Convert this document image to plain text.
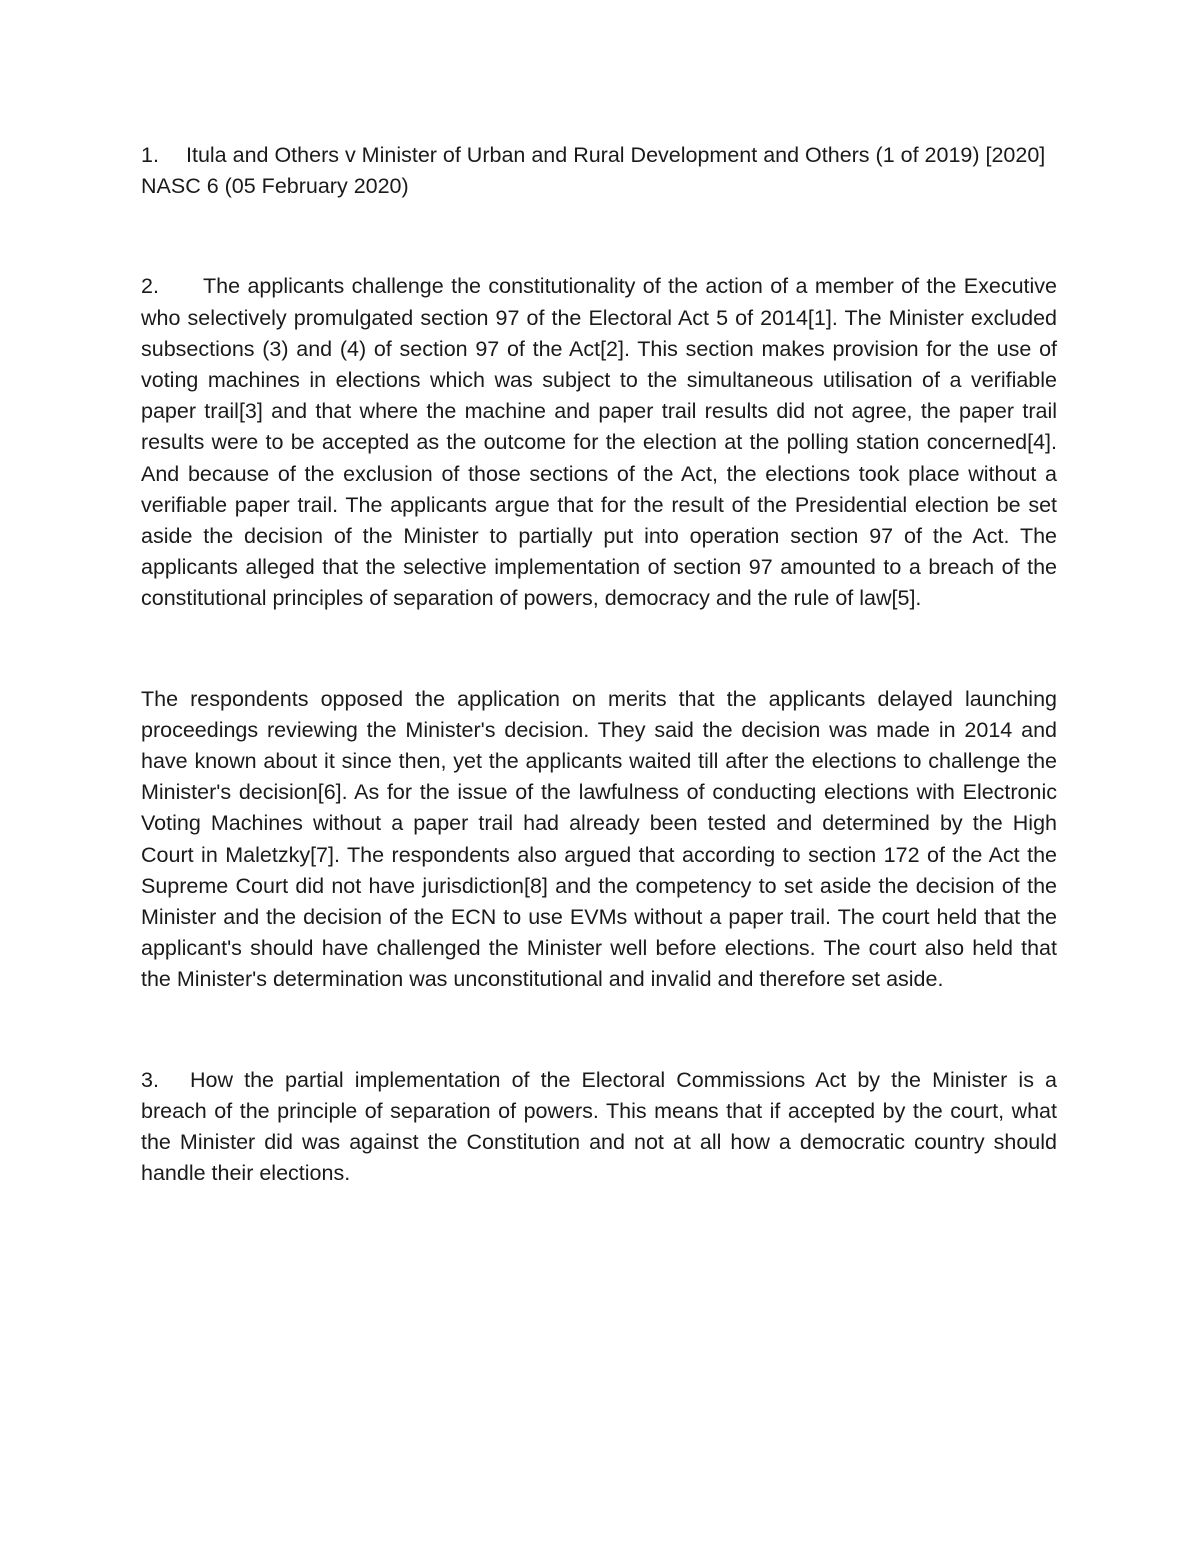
1. Itula and Others v Minister of Urban and Rural Development and Others (1 of 2019) [2020] NASC 6 (05 February 2020)

2. The applicants challenge the constitutionality of the action of a member of the Executive who selectively promulgated section 97 of the Electoral Act 5 of 2014[1]. The Minister excluded subsections (3) and (4) of section 97 of the Act[2]. This section makes provision for the use of voting machines in elections which was subject to the simultaneous utilisation of a verifiable paper trail[3] and that where the machine and paper trail results did not agree, the paper trail results were to be accepted as the outcome for the election at the polling station concerned[4]. And because of the exclusion of those sections of the Act, the elections took place without a verifiable paper trail. The applicants argue that for the result of the Presidential election be set aside the decision of the Minister to partially put into operation section 97 of the Act. The applicants alleged that the selective implementation of section 97 amounted to a breach of the constitutional principles of separation of powers, democracy and the rule of law[5].

The respondents opposed the application on merits that the applicants delayed launching proceedings reviewing the Minister's decision. They said the decision was made in 2014 and have known about it since then, yet the applicants waited till after the elections to challenge the Minister's decision[6]. As for the issue of the lawfulness of conducting elections with Electronic Voting Machines without a paper trail had already been tested and determined by the High Court in Maletzky[7]. The respondents also argued that according to section 172 of the Act the Supreme Court did not have jurisdiction[8] and the competency to set aside the decision of the Minister and the decision of the ECN to use EVMs without a paper trail. The court held that the applicant's should have challenged the Minister well before elections. The court also held that the Minister's determination was unconstitutional and invalid and therefore set aside.

3. How the partial implementation of the Electoral Commissions Act by the Minister is a breach of the principle of separation of powers. This means that if accepted by the court, what the Minister did was against the Constitution and not at all how a democratic country should handle their elections.
